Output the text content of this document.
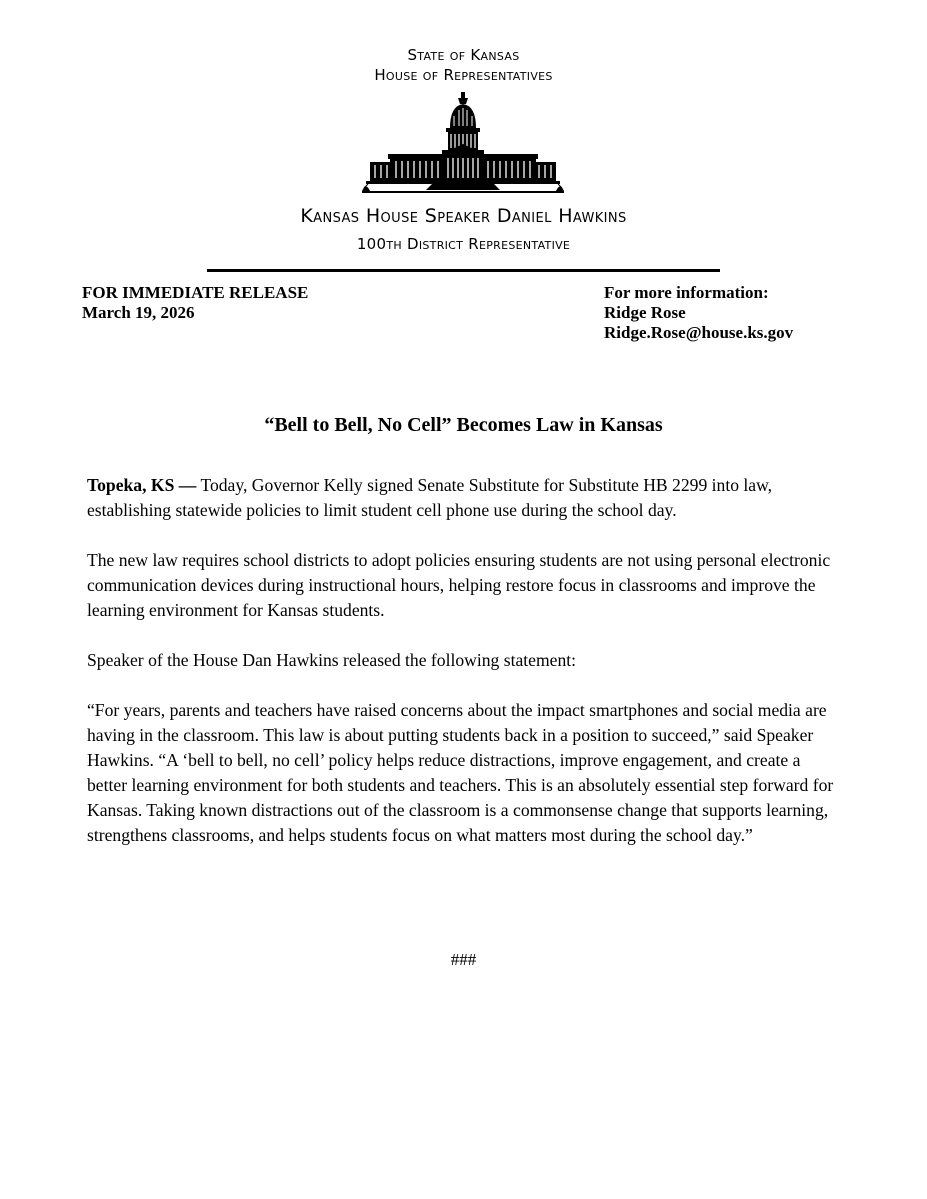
State of Kansas
House of Representatives
Kansas House Speaker Daniel Hawkins
100th District Representative
FOR IMMEDIATE RELEASE
March 19, 2026
For more information:
Ridge Rose
Ridge.Rose@house.ks.gov
“Bell to Bell, No Cell” Becomes Law in Kansas

Topeka, KS — Today, Governor Kelly signed Senate Substitute for Substitute HB 2299 into law, establishing statewide policies to limit student cell phone use during the school day.

The new law requires school districts to adopt policies ensuring students are not using personal electronic communication devices during instructional hours, helping restore focus in classrooms and improve the learning environment for Kansas students.

Speaker of the House Dan Hawkins released the following statement:

“For years, parents and teachers have raised concerns about the impact smartphones and social media are having in the classroom. This law is about putting students back in a position to succeed,” said Speaker Hawkins. “A ‘bell to bell, no cell’ policy helps reduce distractions, improve engagement, and create a better learning environment for both students and teachers. This is an absolutely essential step forward for Kansas. Taking known distractions out of the classroom is a commonsense change that supports learning, strengthens classrooms, and helps students focus on what matters most during the school day.”

###
